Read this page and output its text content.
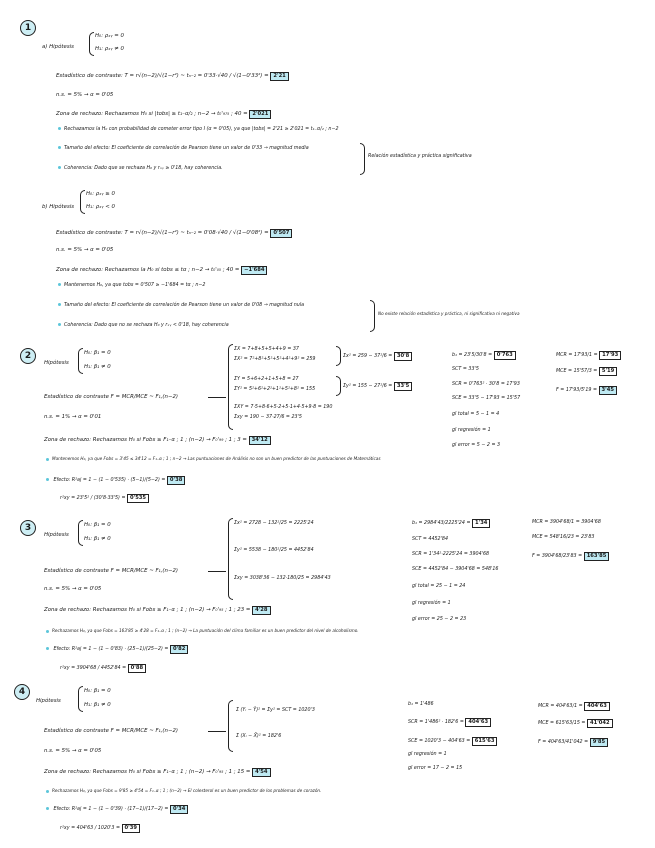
1
a) Hipótesis
H₀: ρₓᵧ = 0
H₁: ρₓᵧ ≠ 0
Estadístico de contraste: T = r√(n−2)/√(1−r²) ~ tₙ₋₂ = 0'33·√40 / √(1−0'33²) = 2'21
n.s. = 5% → α = 0'05
Zona de rechazo: Rechazamos H₀ si |tobs| ≥ t₁₋α/₂ ; n−2 → t₀'₉₇₅ ; 40 = 2'021
Rechazamos la H₀ con probabilidad de cometer error tipo I (α = 0'05), ya que |tobs| = 2'21 ≥ 2'021 = t₁₋α/₂ ; n−2
Tamaño del efecto: El coeficiente de correlación de Pearson tiene un valor de 0'33 → magnitud media
Coherencia: Dado que se rechaza H₀ y rₓᵧ ≥ 0'18, hay coherencia.
Relación estadística y práctica significativa
b) Hipótesis
H₀: ρₓᵧ ≥ 0
H₁: ρₓᵧ < 0
Estadístico de contraste: T = r√(n−2)/√(1−r²) ~ tₙ₋₂ = 0'08·√40 / √(1−0'08²) = 0'507
n.s. = 5% → α = 0'05
Zona de rechazo: Rechazamos la H₀ si tobs ≤ tα ; n−2 → t₀'₀₅ ; 40 = −1'684
Mantenemos H₀, ya que tobs = 0'507 ≥ −1'684 = tα ; n−2
Tamaño del efecto: El coeficiente de correlación de Pearson tiene un valor de 0'08 → magnitud nula
Coherencia: Dado que no se rechaza H₀ y rₓᵧ < 0'18, hay coherencia
No existe relación estadística y práctica, ni significativa ni negativa
2
Hipótesis
H₀: β₁ = 0
H₁: β₁ ≠ 0
Estadístico de contraste F = MCR/MCE ~ F₁,(n−2)
n.s. = 1% → α = 0'01
ΣX = 7+8+5+5+4+9 = 37
ΣX² = 7²+8²+5²+5²+4²+9² = 259
ΣY = 5+6+2+1+5+8 = 27
ΣY² = 5²+6²+2²+1²+5²+8² = 155
ΣXY = 7·5+8·6+5·2+5·1+4·5+9·8 = 190
Σxy = 190 − 37·27/6 = 23'5
Σx² = 259 − 37²/6 = 30'8
Σy² = 155 − 27²/6 = 33'5
b₁ = 23'5/30'8 = 0'763
SCT = 33'5
SCR = 0'763² · 30'8 = 17'93
SCE = 33'5 − 17'93 = 15'57
gl total = 5 − 1 = 4
gl regresión = 1
gl error = 5 − 2 = 3
MCR = 17'93/1 = 17'93
MCE = 15'57/3 = 5'19
F = 17'93/5'19 = 3'45
Zona de rechazo: Rechazamos H₀ si Fobs ≥ F₁₋α ; 1 ; (n−2) → F₀'₉₉ ; 1 ; 3 = 34'12
Mantenemos H₀, ya que Fobs = 3'45 ≤ 34'12 = F₁₋α ; 1 ; n−2 → Las puntuaciones de Análisis no son un buen predictor de las puntuaciones de Matemáticas
Efecto: R²aj = 1 − (1 − 0'535) · (5−1)/(5−2) = 0'38
r²xy = 23'5² / (30'8·33'5) = 0'535
3
Hipótesis
H₀: β₁ = 0
H₁: β₁ ≠ 0
Estadístico de contraste F = MCR/MCE ~ F₁,(n−2)
n.s. = 5% → α = 0'05
Σx² = 2728 − 132²/25 = 2225'24
Σy² = 5538 − 180²/25 = 4452'84
Σxy = 3038'36 − 132·180/25 = 2984'43
b₁ = 2984'43/2225'24 = 1'34
SCT = 4452'84
SCR = 1'34²·2225'24 = 3904'68
SCE = 4452'84 − 3904'68 = 548'16
gl total = 25 − 1 = 24
gl regresión = 1
gl error = 25 − 2 = 23
MCR = 3904'68/1 = 3904'68
MCE = 548'16/23 = 23'83
F = 3904'68/23'83 = 163'85
Zona de rechazo: Rechazamos H₀ si Fobs ≥ F₁₋α ; 1 ; (n−2) → F₀'₉₅ ; 1 ; 23 = 4'28
Rechazamos H₀, ya que Fobs = 163'85 ≥ 4'28 = F₁₋α ; 1 ; (n−2) → La puntuación del clima familiar es un buen predictor del nivel de alcoholismo.
Efecto: R²aj = 1 − (1 − 0'83) · (25−1)/(25−2) = 0'82
r²xy = 3904'68 / 4452'84 = 0'88
4
Hipótesis
H₀: β₁ = 0
H₁: β₁ ≠ 0
Estadístico de contraste F = MCR/MCE ~ F₁,(n−2)
n.s. = 5% → α = 0'05
Σ (Yᵢ − Ȳ)² = Σy² = SCT = 1020'3
Σ (Xᵢ − X̄)² = 182'6
b₁ = 1'486
SCR = 1'486² · 182'6 = 404'63
SCE = 1020'3 − 404'63 = 615'63
gl regresión = 1
gl error = 17 − 2 = 15
MCR = 404'63/1 = 404'63
MCE = 615'63/15 = 41'042
F = 404'63/41'042 = 9'85
Zona de rechazo: Rechazamos H₀ si Fobs ≥ F₁₋α ; 1 ; (n−2) → F₀'₉₅ ; 1 ; 15 = 4'54
Rechazamos H₀, ya que Fobs = 9'85 ≥ 4'54 = F₁₋α ; 1 ; (n−2) → El colesterol es un buen predictor de los problemas de corazón.
Efecto: R²aj = 1 − (1 − 0'39) · (17−1)/(17−2) = 0'34
r²xy = 404'63 / 1020'3 = 0'39
